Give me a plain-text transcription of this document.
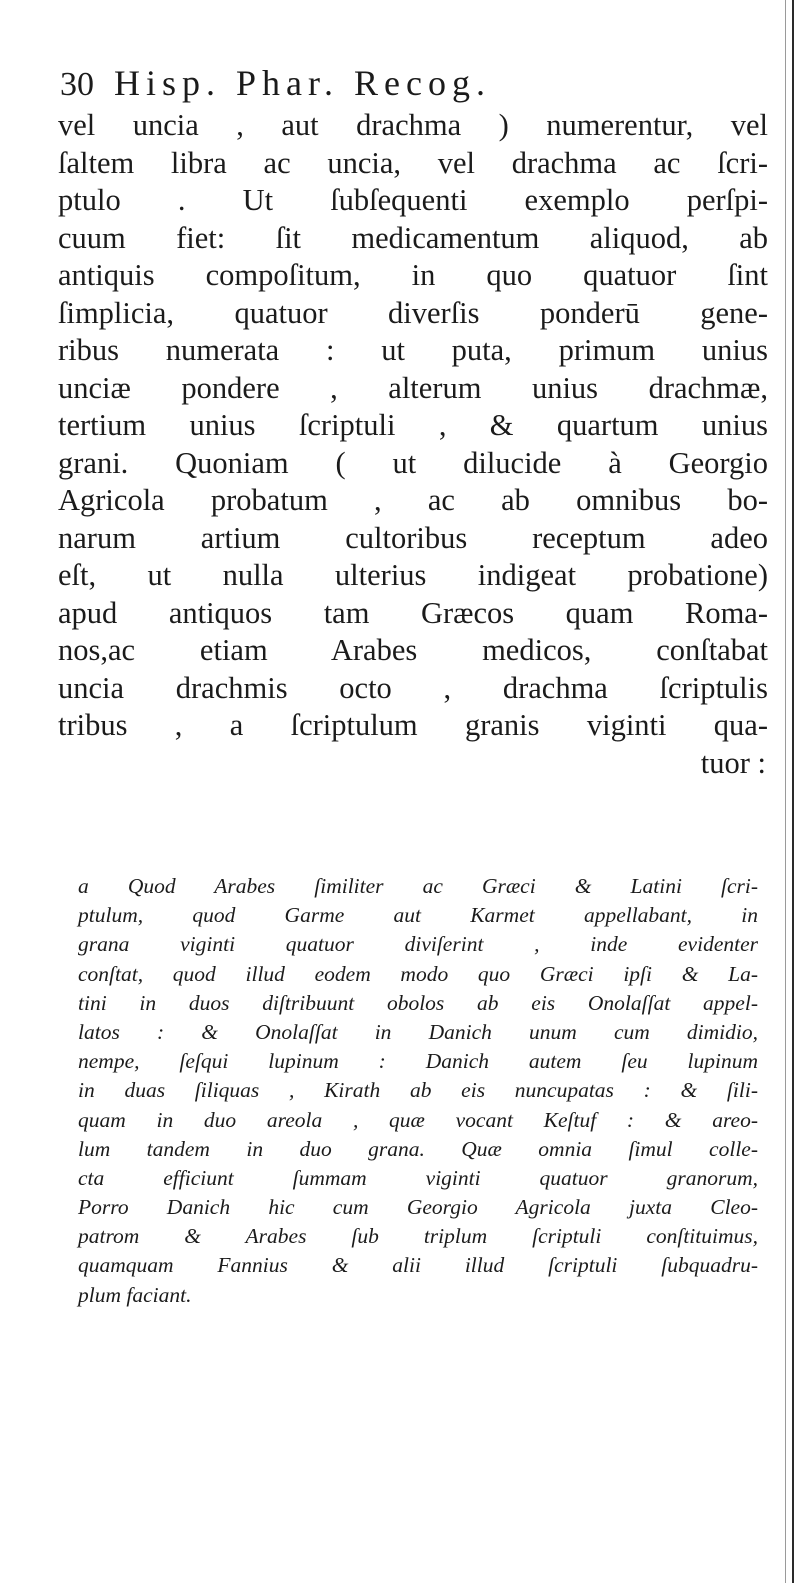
30 Hisp. Phar. Recog.
vel uncia , aut drachma ) numerentur, vel
ſaltem libra ac uncia, vel drachma ac ſcri-
ptulo . Ut ſubſequenti exemplo perſpi-
cuum fiet: ſit medicamentum aliquod, ab
antiquis compoſitum, in quo quatuor ſint
ſimplicia, quatuor diverſis ponderū gene-
ribus numerata : ut puta, primum unius
unciæ pondere , alterum unius drachmæ,
tertium unius ſcriptuli , & quartum unius
grani. Quoniam ( ut dilucide à Georgio
Agricola probatum , ac ab omnibus bo-
narum artium cultoribus receptum adeo
eſt, ut nulla ulterius indigeat probatione)
apud antiquos tam Græcos quam Roma-
nos,ac etiam Arabes medicos, conſtabat
uncia drachmis octo , drachma ſcriptulis
tribus , a ſcriptulum granis viginti qua-
tuor :
a Quod Arabes ſimiliter ac Græci & Latini ſcri-
ptulum, quod Garme aut Karmet appellabant, in
grana viginti quatuor diviſerint , inde evidenter
conſtat, quod illud eodem modo quo Græci ipſi & La-
tini in duos diſtribuunt obolos ab eis Onolaſſat appel-
latos : & Onolaſſat in Danich unum cum dimidio,
nempe, ſeſqui lupinum : Danich autem ſeu lupinum
in duas ſiliquas , Kirath ab eis nuncupatas : & ſili-
quam in duo areola , quæ vocant Keſtuf : & areo-
lum tandem in duo grana. Quæ omnia ſimul colle-
cta efficiunt ſummam viginti quatuor granorum,
Porro Danich hic cum Georgio Agricola juxta Cleo-
patrom & Arabes ſub triplum ſcriptuli conſtituimus,
quamquam Fannius & alii illud ſcriptuli ſubquadru-
plum faciant.
